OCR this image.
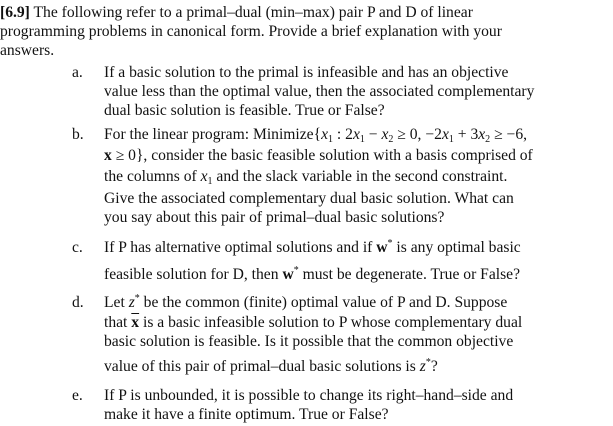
[6.9] The following refer to a primal–dual (min–max) pair P and D of linear
programming problems in canonical form. Provide a brief explanation with your
answers.
a. If a basic solution to the primal is infeasible and has an objective
value less than the optimal value, then the associated complementary
dual basic solution is feasible. True or False?
b. For the linear program: $Minimize\{x_1$ : $2x_1 - x_2 \ge 0$, $-2x_1 + 3x_2 \ge -6$,
x ≥ 0}, consider the basic feasible solution with a basis comprised of
the columns of $x_1$ and the slack variable in the second constraint.
Give the associated complementary dual basic solution. What can
you say about this pair of primal–dual basic solutions?
c. If P has alternative optimal solutions and if w* is any optimal basic
feasible solution for D, then w* must be degenerate. True or False?
d. Let z* be the common (finite) optimal value of P and D. Suppose
that $\overline{x}$ is a basic infeasible solution to P whose complementary dual
basic solution is feasible. Is it possible that the common objective
value of this pair of primal–dual basic solutions is z*?
e. If P is unbounded, it is possible to change its right–hand–side and
make it have a finite optimum. True or False?
